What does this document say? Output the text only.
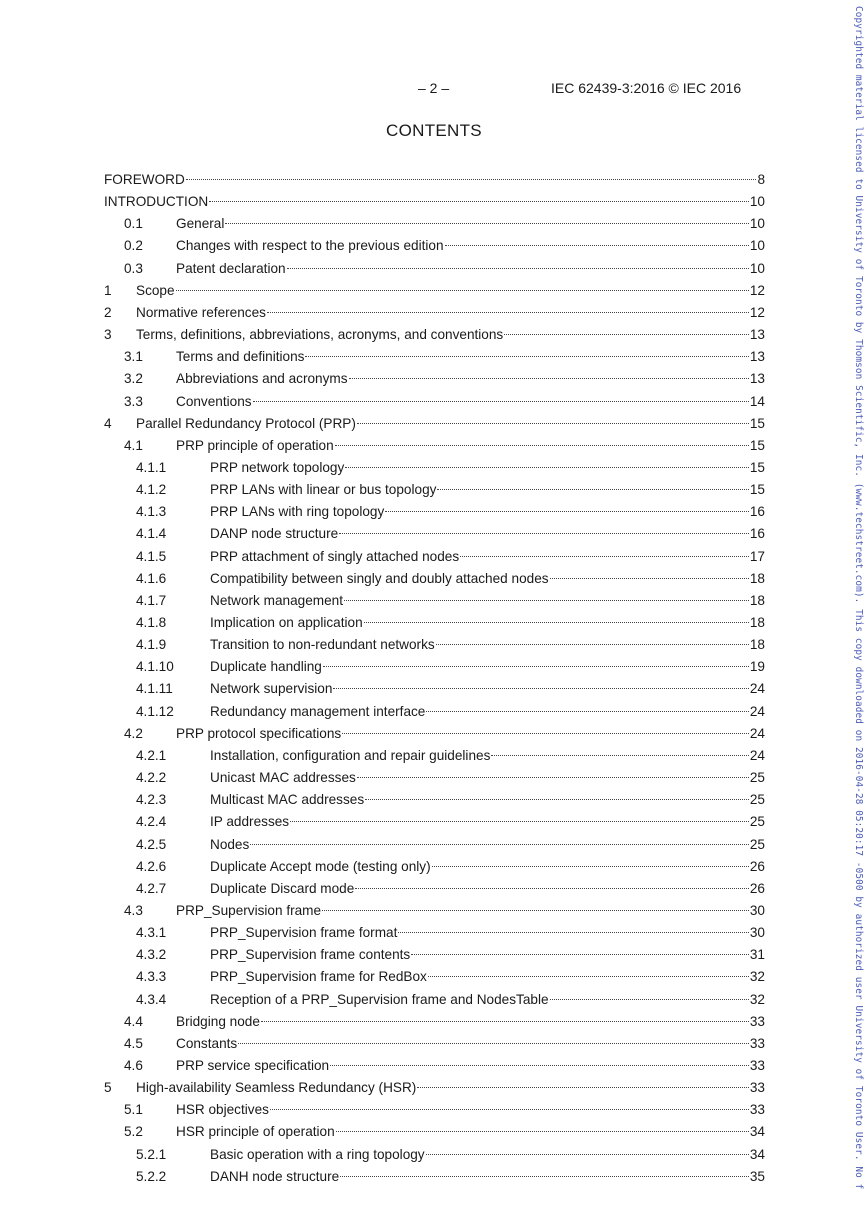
– 2 –	IEC 62439-3:2016 © IEC 2016
CONTENTS
FOREWORD	8
INTRODUCTION	10
0.1 General	10
0.2 Changes with respect to the previous edition	10
0.3 Patent declaration	10
1 Scope	12
2 Normative references	12
3 Terms, definitions, abbreviations, acronyms, and conventions	13
3.1 Terms and definitions	13
3.2 Abbreviations and acronyms	13
3.3 Conventions	14
4 Parallel Redundancy Protocol (PRP)	15
4.1 PRP principle of operation	15
4.1.1	PRP network topology	15
4.1.2	PRP LANs with linear or bus topology	15
4.1.3	PRP LANs with ring topology	16
4.1.4	DANP node structure	16
4.1.5	PRP attachment of singly attached nodes	17
4.1.6	Compatibility between singly and doubly attached nodes	18
4.1.7	Network management	18
4.1.8	Implication on application	18
4.1.9	Transition to non-redundant networks	18
4.1.10	Duplicate handling	19
4.1.11	Network supervision	24
4.1.12	Redundancy management interface	24
4.2 PRP protocol specifications	24
4.2.1	Installation, configuration and repair guidelines	24
4.2.2	Unicast MAC addresses	25
4.2.3	Multicast MAC addresses	25
4.2.4	IP addresses	25
4.2.5	Nodes	25
4.2.6	Duplicate Accept mode (testing only)	26
4.2.7	Duplicate Discard mode	26
4.3 PRP_Supervision frame	30
4.3.1	PRP_Supervision frame format	30
4.3.2	PRP_Supervision frame contents	31
4.3.3	PRP_Supervision frame for RedBox	32
4.3.4	Reception of a PRP_Supervision frame and NodesTable	32
4.4 Bridging node	33
4.5 Constants	33
4.6 PRP service specification	33
5 High-availability Seamless Redundancy (HSR)	33
5.1 HSR objectives	33
5.2 HSR principle of operation	34
5.2.1	Basic operation with a ring topology	34
5.2.2	DANH node structure	35	Copyrighted material licensed to University of Toronto by Thomson Scientific, Inc. (www.techstreet.com). This copy downloaded on 2016-04-28 05:20:17 -0500 by authorized user University of Toronto User. No f
